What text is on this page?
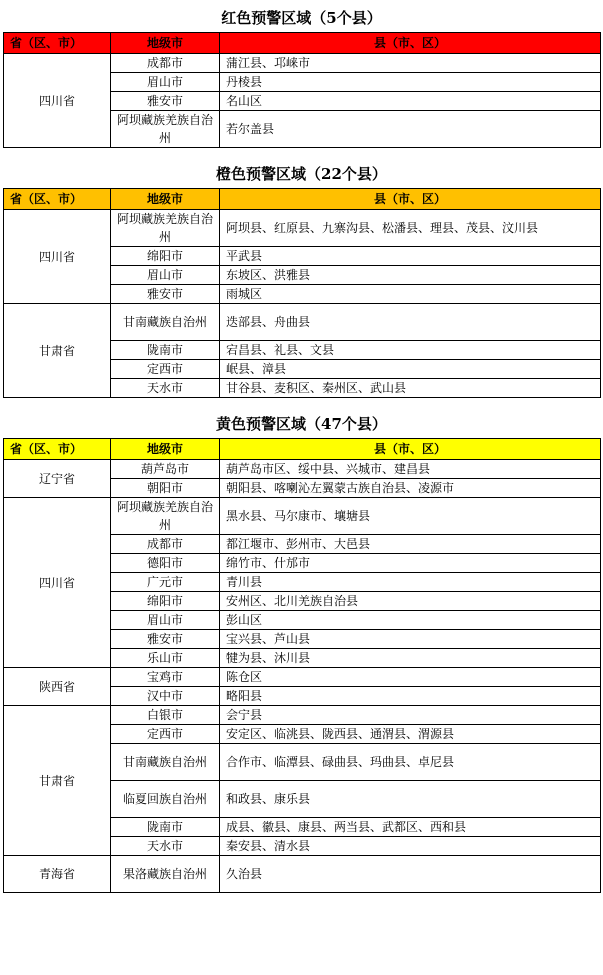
红色预警区域（5个县）
省（区、市）	地级市	县（市、区）
四川省	成都市	蒲江县、邛崃市
	眉山市	丹棱县
	雅安市	名山区
	阿坝藏族羌族自治州	若尔盖县
橙色预警区域（22个县）
省（区、市）	地级市	县（市、区）
四川省	阿坝藏族羌族自治州	阿坝县、红原县、九寨沟县、松潘县、理县、茂县、汶川县
	绵阳市	平武县
	眉山市	东坡区、洪雅县
	雅安市	雨城区
甘肃省	甘南藏族自治州	迭部县、舟曲县
	陇南市	宕昌县、礼县、文县
	定西市	岷县、漳县
	天水市	甘谷县、麦积区、秦州区、武山县
黄色预警区域（47个县）
省（区、市）	地级市	县（市、区）
辽宁省	葫芦岛市	葫芦岛市区、绥中县、兴城市、建昌县
	朝阳市	朝阳县、喀喇沁左翼蒙古族自治县、凌源市
四川省	阿坝藏族羌族自治州	黑水县、马尔康市、壤塘县
	成都市	都江堰市、彭州市、大邑县
	德阳市	绵竹市、什邡市
	广元市	青川县
	绵阳市	安州区、北川羌族自治县
	眉山市	彭山区
	雅安市	宝兴县、芦山县
	乐山市	犍为县、沐川县
陕西省	宝鸡市	陈仓区
	汉中市	略阳县
甘肃省	白银市	会宁县
	定西市	安定区、临洮县、陇西县、通渭县、渭源县
	甘南藏族自治州	合作市、临潭县、碌曲县、玛曲县、卓尼县
	临夏回族自治州	和政县、康乐县
	陇南市	成县、徽县、康县、两当县、武都区、西和县
	天水市	秦安县、清水县
青海省	果洛藏族自治州	久治县
